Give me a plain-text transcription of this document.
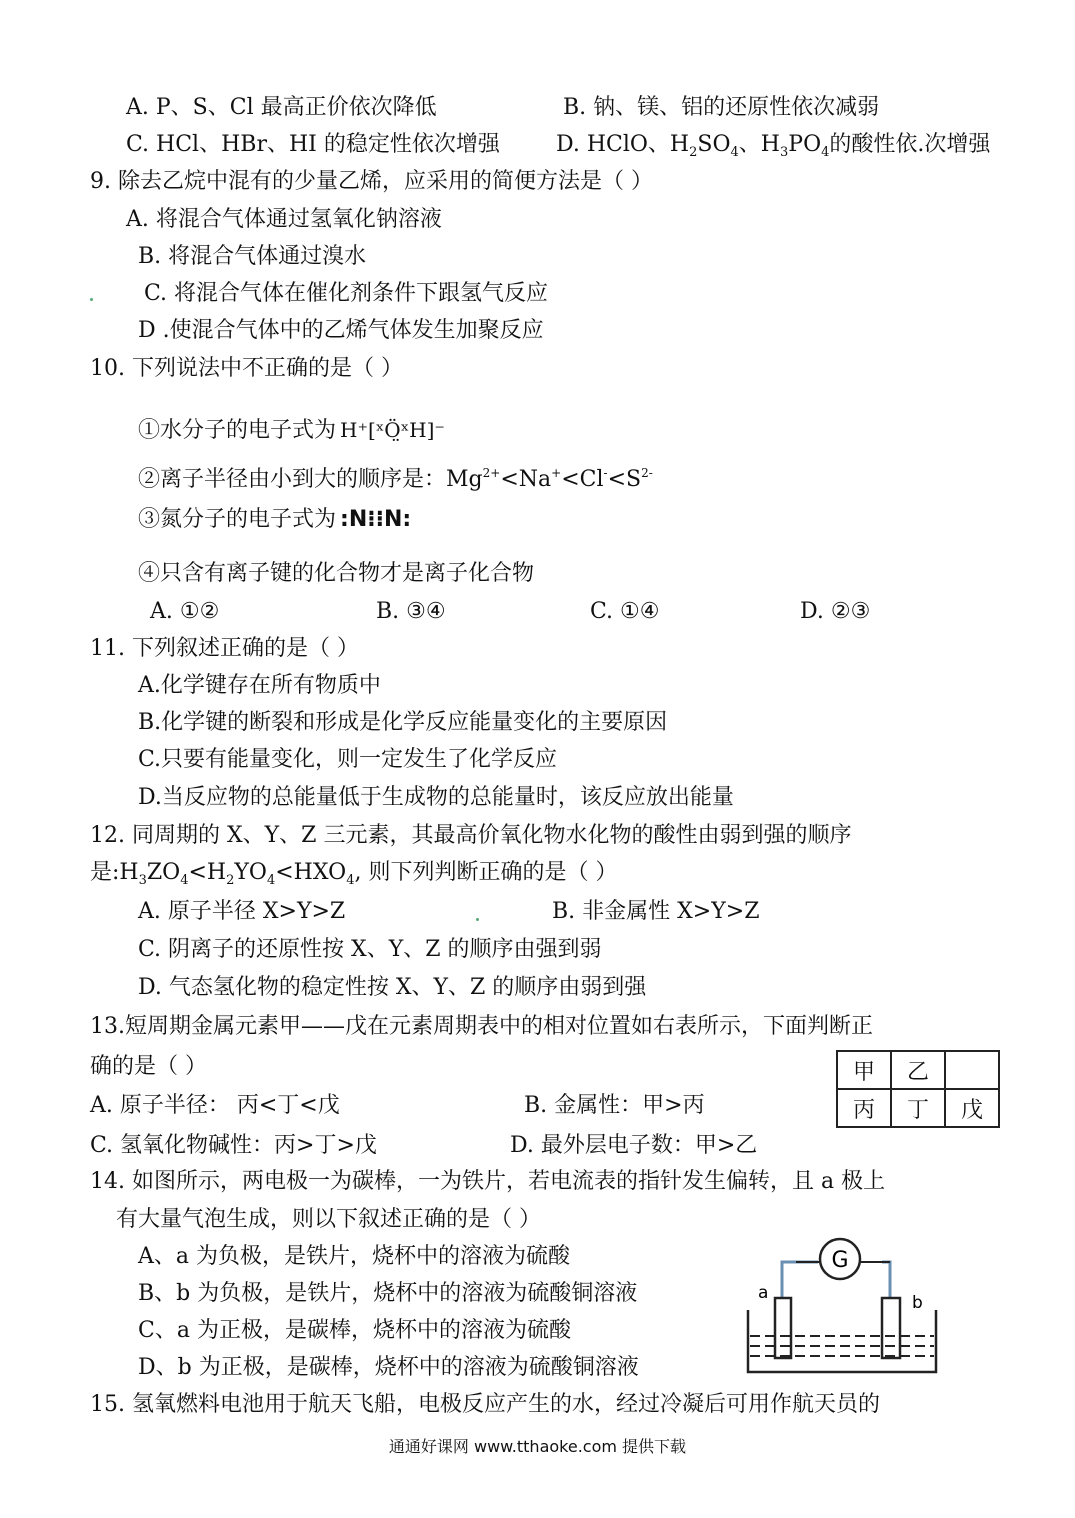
A. P、S、Cl 最高正价依次降低	B. 钠、镁、铝的还原性依次减弱
C. HCl、HBr、HI 的稳定性依次增强	D. HClO、$H_2SO_4$、$H_3PO_4$的酸性依.次增强
9. 除去乙烷中混有的少量乙烯，应采用的简便方法是（ ）
A. 将混合气体通过氢氧化钠溶液
B. 将混合气体通过溴水
C. 将混合气体在催化剂条件下跟氢气反应
D .使混合气体中的乙烯气体发生加聚反应
10. 下列说法中不正确的是（ ）
①水分子的电子式为 H⁺[ˣÖ̤ˣH]⁻
②离子半径由小到大的顺序是：$Mg^{2+}<Na^+<Cl^-<S^{2-}$
③氮分子的电子式为 :N⁝⁝N:
④只含有离子键的化合物才是离子化合物
A. ①②	B. ③④	C. ①④	D. ②③
11. 下列叙述正确的是（ ）
A.化学键存在所有物质中
B.化学键的断裂和形成是化学反应能量变化的主要原因
C.只要有能量变化，则一定发生了化学反应
D.当反应物的总能量低于生成物的总能量时，该反应放出能量
12. 同周期的 X、Y、Z 三元素，其最高价氧化物水化物的酸性由弱到强的顺序
是$:H_3ZO_4<H_2YO_4<HXO_4$, 则下列判断正确的是（ ）
A. 原子半径 X>Y>Z	B. 非金属性 X>Y>Z
C. 阴离子的还原性按 X、Y、Z 的顺序由强到弱
D. 气态氢化物的稳定性按 X、Y、Z 的顺序由弱到强
13.短周期金属元素甲——戊在元素周期表中的相对位置如右表所示，下面判断正
确的是（ ）
A. 原子半径： 丙<丁<戊	B. 金属性：甲>丙
C. 氢氧化物碱性：丙>丁>戊	D. 最外层电子数：甲>乙
甲	乙	
丙	丁	戊
14. 如图所示，两电极一为碳棒，一为铁片，若电流表的指针发生偏转，且 a 极上
有大量气泡生成，则以下叙述正确的是（ ）
A、a 为负极，是铁片，烧杯中的溶液为硫酸
B、b 为负极，是铁片，烧杯中的溶液为硫酸铜溶液
C、a 为正极，是碳棒，烧杯中的溶液为硫酸
D、b 为正极，是碳棒，烧杯中的溶液为硫酸铜溶液
G
a	b
15. 氢氧燃料电池用于航天飞船，电极反应产生的水，经过冷凝后可用作航天员的
通通好课网 www.tthaoke.com 提供下载
